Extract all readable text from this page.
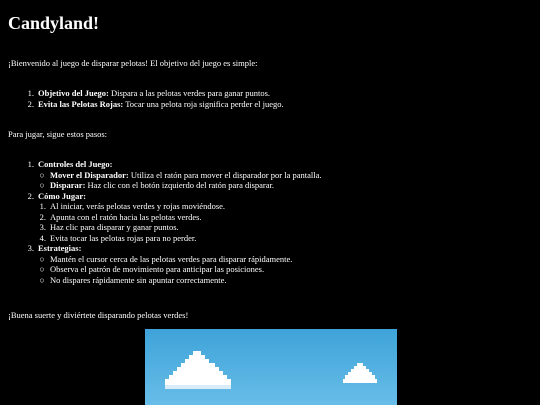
Candyland!

¡Bienvenido al juego de disparar pelotas! El objetivo del juego es simple:

1. Objetivo del Juego: Dispara a las pelotas verdes para ganar puntos.
2. Evita las Pelotas Rojas: Tocar una pelota roja significa perder el juego.

Para jugar, sigue estos pasos:

1. Controles del Juego:
○ Mover el Disparador: Utiliza el ratón para mover el disparador por la pantalla.
○ Disparar: Haz clic con el botón izquierdo del ratón para disparar.
2. Cómo Jugar:
1. Al iniciar, verás pelotas verdes y rojas moviéndose.
2. Apunta con el ratón hacia las pelotas verdes.
3. Haz clic para disparar y ganar puntos.
4. Evita tocar las pelotas rojas para no perder.
3. Estrategias:
○ Mantén el cursor cerca de las pelotas verdes para disparar rápidamente.
○ Observa el patrón de movimiento para anticipar las posiciones.
○ No dispares rápidamente sin apuntar correctamente.

¡Buena suerte y diviértete disparando pelotas verdes!
